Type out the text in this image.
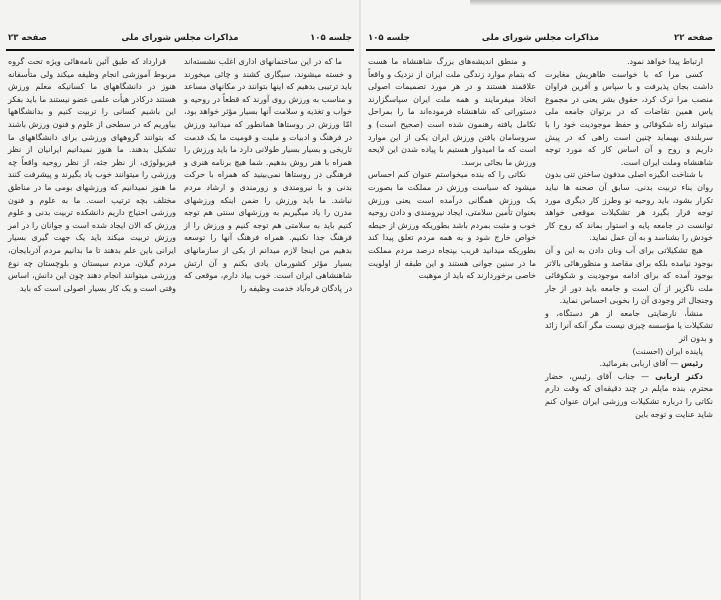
جلسه ۱۰۵
مذاکرات مجلس شورای ملی
صفحه ۲۳

ما که در این ساختمانهای اداری اغلب نشسته‌اند و خسته میشوند، سیگاری کشند و چائی میخورند باید ترتیبی بدهیم که اینها بتوانند در مکانهای مساعد و مناسب به ورزش روی آورند که قطعاً در روحیه و خواب و تغذیه و سلامت آنها بسیار مؤثر خواهد بود، امّا ورزش در روستاها همانطور که میدانید ورزش در فرهنگ و ادبیات و ملیت و قومیت ما یک قدمت تاریخی و بسیار بسیار طولانی دارد ما باید ورزش را همراه با هنر روش بدهیم. شما هیچ برنامه هنری و فرهنگی در روستاها نمی‌بینید که همراه با حرکت بدنی و با نیرومندی و زورمندی و ارشاد مردم نباشد. ما باید ورزش را ضمن اینکه ورزشهای مدرن را یاد میگیریم به ورزشهای سنتی هم توجه کنیم باید به سلامتی هم توجه کنیم و ورزش را از فرهنگ جدا نکنیم. همراه فرهنگ آنها را توسعه بدهیم من اینجا لازم میدانم از یکی از سازمانهای بسیار مؤثر کشورمان یادی بکنم و آن ارتش شاهنشاهی ایران است. خوب بیاد دارم، موقعی که در پادگان قره‌آباد خدمت وظیفه را

قرارداد که طبق آئین نامه‌هائی ویژه تحت گروه مربوط آموزشی انجام وظیفه میکند ولی متأسفانه هنوز در دانشگاههای ما کسانیکه معلم ورزش هستند درکادر هیأت علمی عضو نیستند ما باید بفکر این باشیم کسانی را تربیت کنیم و بدانشگاهها بیاوریم که در سطحی از علوم و فنون ورزش باشند که بتوانند گروههای ورزشی برای دانشگاههای ما تشکیل بدهند. ما هنوز نمیدانیم ایرانیان از نظر فیزیولوژی، از نظر جثه، از نظر روحیه واقعاً چه ورزشی را میتوانند خوب یاد بگیرند و پیشرفت کنند ما هنوز نمیدانیم که ورزشهای بومی ما در مناطق مختلف بچه ترتیب است. ما به علوم و فنون ورزشی احتیاج داریم دانشکده تربیت بدنی و علوم ورزش که الان ایجاد شده است و جوانان را در امر ورزش تربیت میکند باید یک جهت گیری بسیار ایرانی باین علم بدهند تا ما بدانیم مردم آذربایجان، مردم گیلان، مردم سیستان و بلوچستان چه نوع ورزشی میتوانند انجام دهند چون این دانش، اساس وقتی است و یک کار بسیار اصولی است که باید

صفحه ۲۲
مذاکرات مجلس شورای ملی
جلسه ۱۰۵

ارتباط پیدا خواهد نمود.

کسی مرا که با خواست ظاهریش مغایرت داشت بجان پذیرفت و با سپاس و آفرین فراوان منصب مرا ترک کرد، حقوق بشر یعنی در مجموع یاس همین تقاضات که در برتوان جامعه ملی میتواند راه شکوفائی و حفظ موجودیت خود را با سربلندی بهیماید چنین است راهی که در پیش داریم و روح و آن اساس کار که مورد توجه شاهنشاه وملت ایران است.

با شناخت انگیزه اصلی مدفون ساختن تنی بدون روان بناء تربیت بدنی. سابق آن صحنه ها نباید تکرار بشود، باید روحیه نو وطرز کار دیگری مورد توجه قرار بگیرد هر تشکیلات موقعی خواهد توانست در جامعه پایه و استوار بماند که روح کار خودش را بشناسد و به آن عمل نماید.

هیچ تشکیلاتی برای آب ونان دادن به این و آن بوجود نیامده بلکه برای مقاصد و منظورهائی بالاتر بوجود آمده که برای ادامه موجودیت و شکوفائی ملت ناگزیر از آن است و جامعه باید دور از جار وجنجال اثر وجودی آن را بخوبی احساس نماید.

منشأ، نارضایتی جامعه از هر دستگاه، و تشکیلات یا مؤسسه چیزی نیست مگر آنکه آنرا زائد و بدون اثر

پاینده ایران (احسنت)

رئیس — آقای اربابی بفرمائید.

دکتر اربابی — جناب آقای رئیس، حضار محترم، بنده مایلم در چند دقیقه‌ای که وقت دارم نکاتی را درباره تشکیلات ورزشی ایران عنوان کنم شاید عنایت و توجه باین

و منطق اندیشه‌های بزرگ شاهنشاه ما هست که بتمام موارد زندگی ملت ایران از نزدیک و واقعاً علاقمند هستند و در هر مورد تصمیمات اصولی اتخاذ میفرمایند و همه ملت ایران سپاسگزارند دستوراتی که شاهنشاه فرموده‌اند ما را بمراحل تکامل یافته رهنمون شده است (صحیح است) و سروسامان یافتن ورزش ایران یکی از این موارد است که ما امیدوار هستیم با پیاده شدن این لایحه ورزش ما بجائی برسد.

نکاتی را که بنده میخواستم عنوان کنم احساس میشود که سیاست ورزش در مملکت ما بصورت یک ورزش همگانی درآمده است یعنی ورزش بعنوان تأمین سلامتی، ایجاد نیرومندی و دادن روحیه خوب و مثبت بمردم باشد بطوریکه ورزش از حیطه خواص خارج شود و به همه مردم تعلق پیدا کند بطوریکه میدانید قریب بپنجاه درصد مردم مملکت ما در سنین جوانی هستند و این طبقه از اولویت خاصی برخوردارند که باید از موهبت
